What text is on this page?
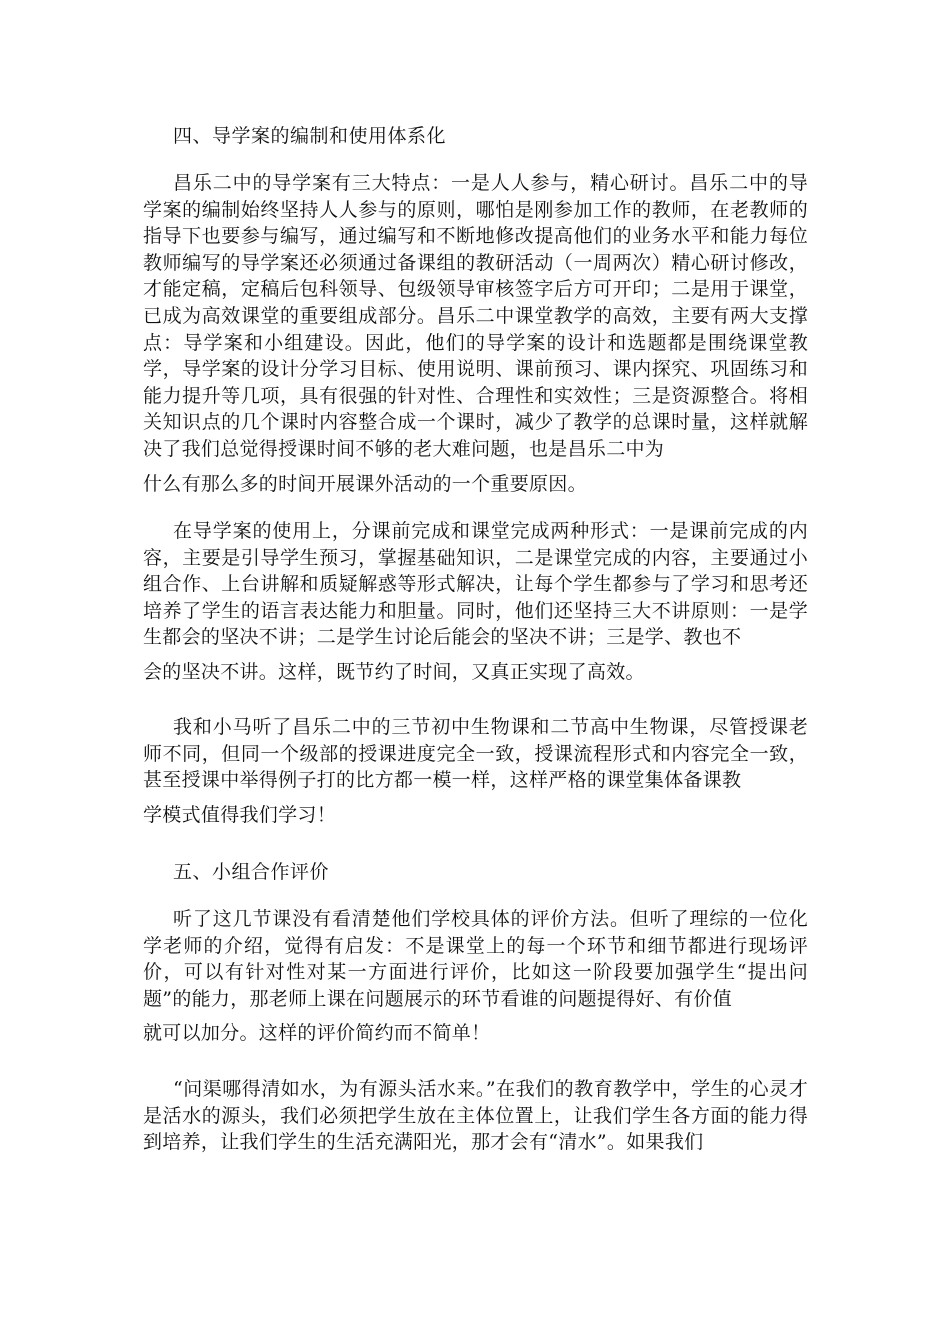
四、导学案的编制和使用体系化
昌乐二中的导学案有三大特点：一是人人参与，精心研讨。昌乐二中的导学案的编制始终坚持人人参与的原则，哪怕是刚参加工作的教师，在老教师的指导下也要参与编写，通过编写和不断地修改提高他们的业务水平和能力每位教师编写的导学案还必须通过备课组的教研活动（一周两次）精心研讨修改，才能定稿，定稿后包科领导、包级领导审核签字后方可开印；二是用于课堂，已成为高效课堂的重要组成部分。昌乐二中课堂教学的高效，主要有两大支撑点：导学案和小组建设。因此，他们的导学案的设计和选题都是围绕课堂教学，导学案的设计分学习目标、使用说明、课前预习、课内探究、巩固练习和能力提升等几项，具有很强的针对性、合理性和实效性；三是资源整合。将相关知识点的几个课时内容整合成一个课时，减少了教学的总课时量，这样就解决了我们总觉得授课时间不够的老大难问题，也是昌乐二中为
什么有那么多的时间开展课外活动的一个重要原因。
在导学案的使用上，分课前完成和课堂完成两种形式：一是课前完成的内容，主要是引导学生预习，掌握基础知识，二是课堂完成的内容，主要通过小组合作、上台讲解和质疑解惑等形式解决，让每个学生都参与了学习和思考还培养了学生的语言表达能力和胆量。同时，他们还坚持三大不讲原则：一是学生都会的坚决不讲；二是学生讨论后能会的坚决不讲；三是学、教也不
会的坚决不讲。这样，既节约了时间，又真正实现了高效。
我和小马听了昌乐二中的三节初中生物课和二节高中生物课，尽管授课老师不同，但同一个级部的授课进度完全一致，授课流程形式和内容完全一致，甚至授课中举得例子打的比方都一模一样，这样严格的课堂集体备课教
学模式值得我们学习！
五、小组合作评价
听了这几节课没有看清楚他们学校具体的评价方法。但听了理综的一位化学老师的介绍，觉得有启发：不是课堂上的每一个环节和细节都进行现场评价，可以有针对性对某一方面进行评价，比如这一阶段要加强学生“提出问题”的能力，那老师上课在问题展示的环节看谁的问题提得好、有价值
就可以加分。这样的评价简约而不简单！
“问渠哪得清如水，为有源头活水来。”在我们的教育教学中，学生的心灵才是活水的源头，我们必须把学生放在主体位置上，让我们学生各方面的能力得到培养，让我们学生的生活充满阳光，那才会有“清水”。如果我们
